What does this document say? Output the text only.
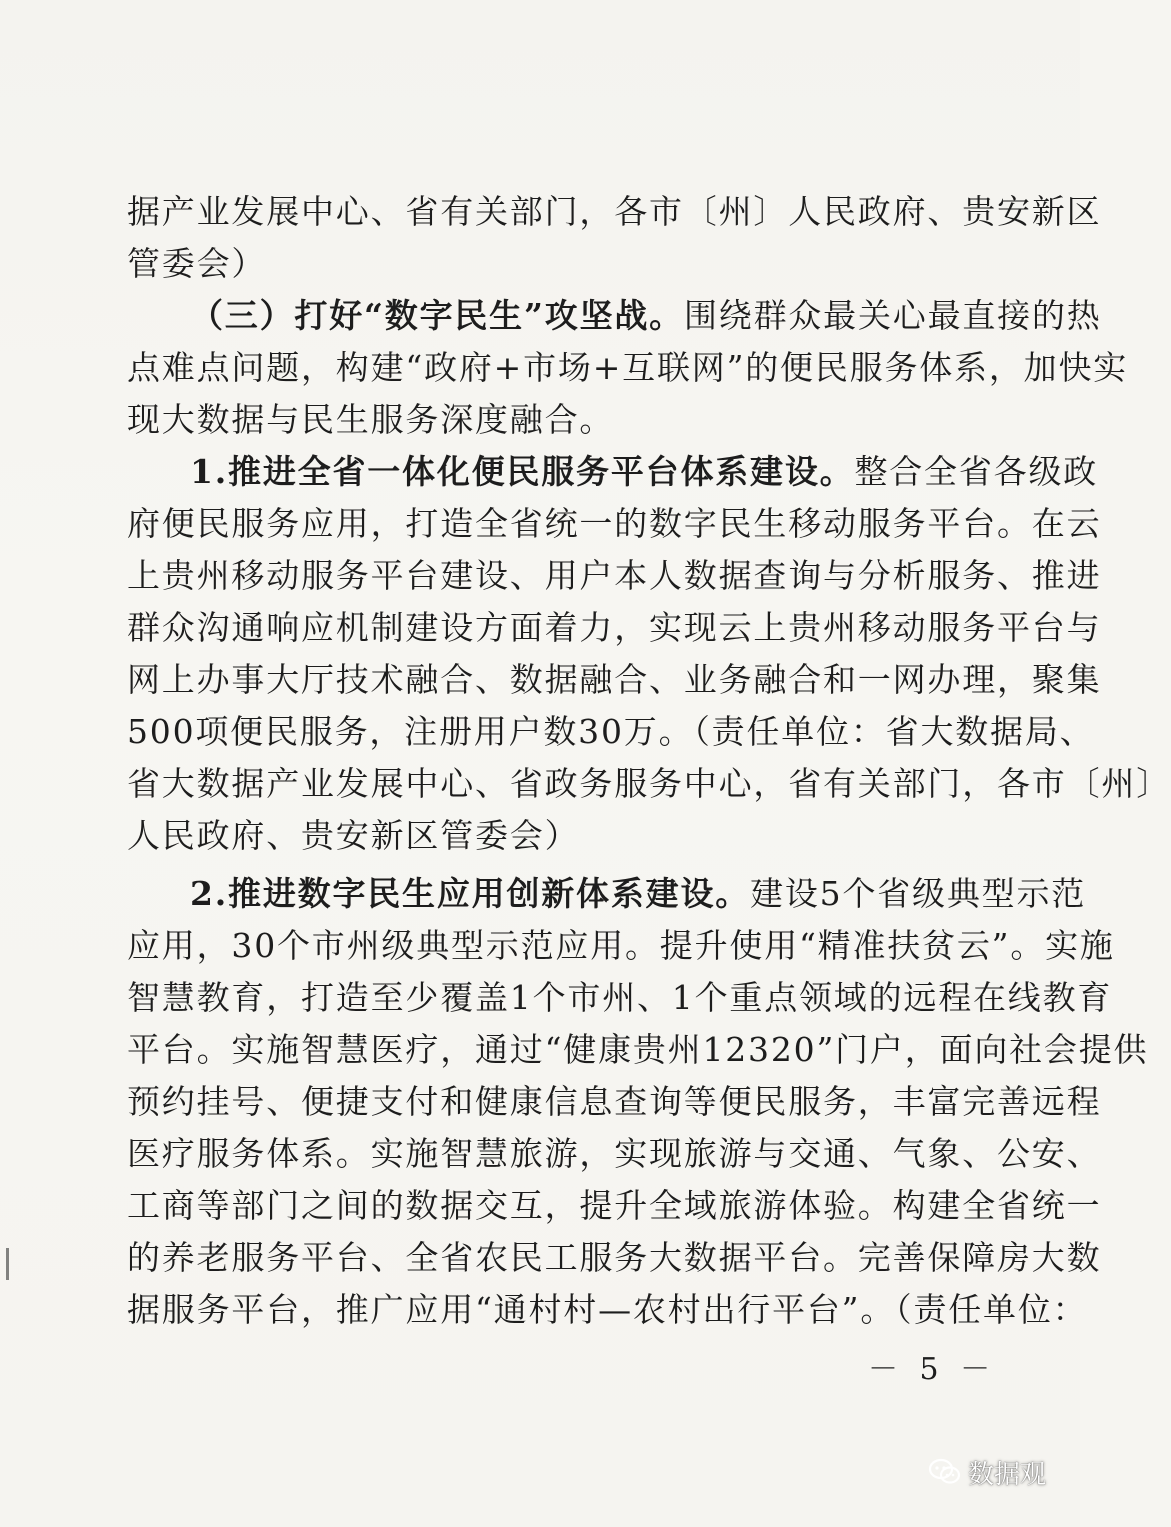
据产业发展中心、省有关部门，各市〔州〕人民政府、贵安新区
管委会）
（三）打好“数字民生”攻坚战。围绕群众最关心最直接的热
点难点问题，构建“政府+市场+互联网”的便民服务体系，加快实
现大数据与民生服务深度融合。
1.推进全省一体化便民服务平台体系建设。整合全省各级政
府便民服务应用，打造全省统一的数字民生移动服务平台。在云
上贵州移动服务平台建设、用户本人数据查询与分析服务、推进
群众沟通响应机制建设方面着力，实现云上贵州移动服务平台与
网上办事大厅技术融合、数据融合、业务融合和一网办理，聚集
500项便民服务，注册用户数30万。（责任单位：省大数据局、
省大数据产业发展中心、省政务服务中心，省有关部门，各市〔州〕
人民政府、贵安新区管委会）
2.推进数字民生应用创新体系建设。建设5个省级典型示范
应用，30个市州级典型示范应用。提升使用“精准扶贫云”。实施
智慧教育，打造至少覆盖1个市州、1个重点领域的远程在线教育
平台。实施智慧医疗，通过“健康贵州12320”门户，面向社会提供
预约挂号、便捷支付和健康信息查询等便民服务，丰富完善远程
医疗服务体系。实施智慧旅游，实现旅游与交通、气象、公安、
工商等部门之间的数据交互，提升全域旅游体验。构建全省统一
的养老服务平台、全省农民工服务大数据平台。完善保障房大数
据服务平台，推广应用“通村村—农村出行平台”。（责任单位：
－ 5 －
数据观
